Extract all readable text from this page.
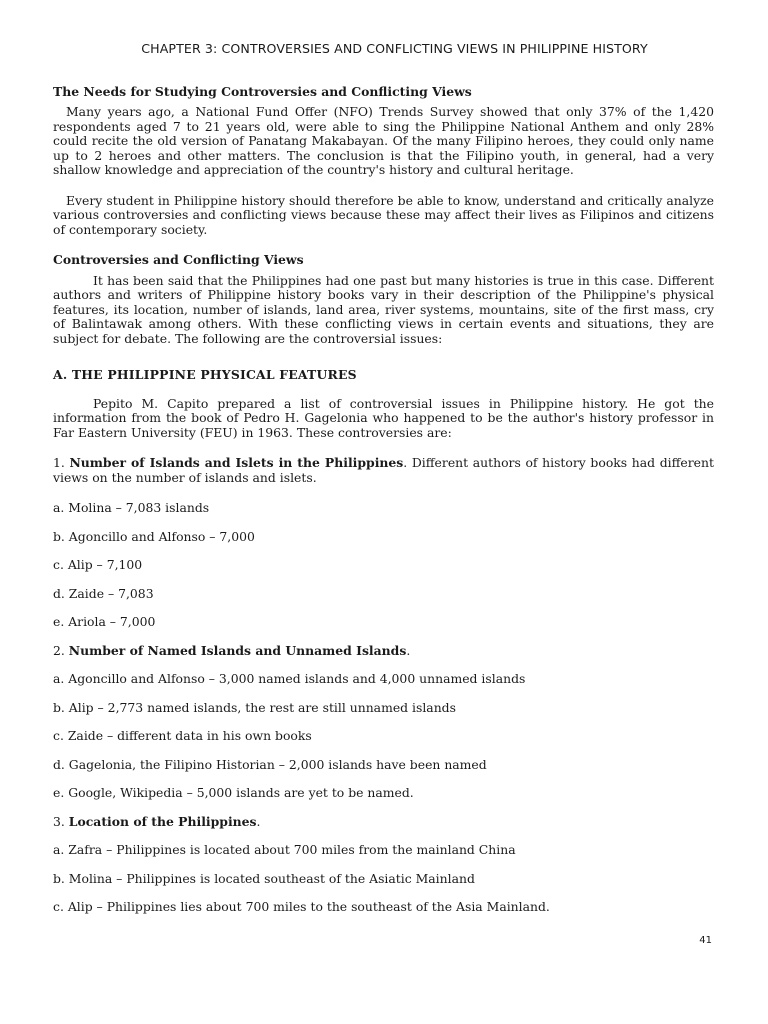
CHAPTER 3: CONTROVERSIES AND CONFLICTING VIEWS IN PHILIPPINE HISTORY
The Needs for Studying Controversies and Conflicting Views

Many years ago, a National Fund Offer (NFO) Trends Survey showed that only 37% of the 1,420 respondents aged 7 to 21 years old, were able to sing the Philippine National Anthem and only 28% could recite the old version of Panatang Makabayan. Of the many Filipino heroes, they could only name up to 2 heroes and other matters. The conclusion is that the Filipino youth, in general, had a very shallow knowledge and appreciation of the country's history and cultural heritage.

Every student in Philippine history should therefore be able to know, understand and critically analyze various controversies and conflicting views because these may affect their lives as Filipinos and citizens of contemporary society.

Controversies and Conflicting Views

It has been said that the Philippines had one past but many histories is true in this case. Different authors and writers of Philippine history books vary in their description of the Philippine's physical features, its location, number of islands, land area, river systems, mountains, site of the first mass, cry of Balintawak among others. With these conflicting views in certain events and situations, they are subject for debate. The following are the controversial issues:

A. THE PHILIPPINE PHYSICAL FEATURES

Pepito M. Capito prepared a list of controversial issues in Philippine history. He got the information from the book of Pedro H. Gagelonia who happened to be the author's history professor in Far Eastern University (FEU) in 1963. These controversies are:

1. Number of Islands and Islets in the Philippines. Different authors of history books had different views on the number of islands and islets.

a. Molina – 7,083 islands
b. Agoncillo and Alfonso – 7,000
c. Alip – 7,100
d. Zaide – 7,083
e. Ariola – 7,000
2. Number of Named Islands and Unnamed Islands.
a. Agoncillo and Alfonso – 3,000 named islands and 4,000 unnamed islands
b. Alip – 2,773 named islands, the rest are still unnamed islands
c. Zaide – different data in his own books
d. Gagelonia, the Filipino Historian – 2,000 islands have been named
e. Google, Wikipedia – 5,000 islands are yet to be named.
3. Location of the Philippines.
a. Zafra – Philippines is located about 700 miles from the mainland China
b. Molina – Philippines is located southeast of the Asiatic Mainland
c. Alip – Philippines lies about 700 miles to the southeast of the Asia Mainland.
41
